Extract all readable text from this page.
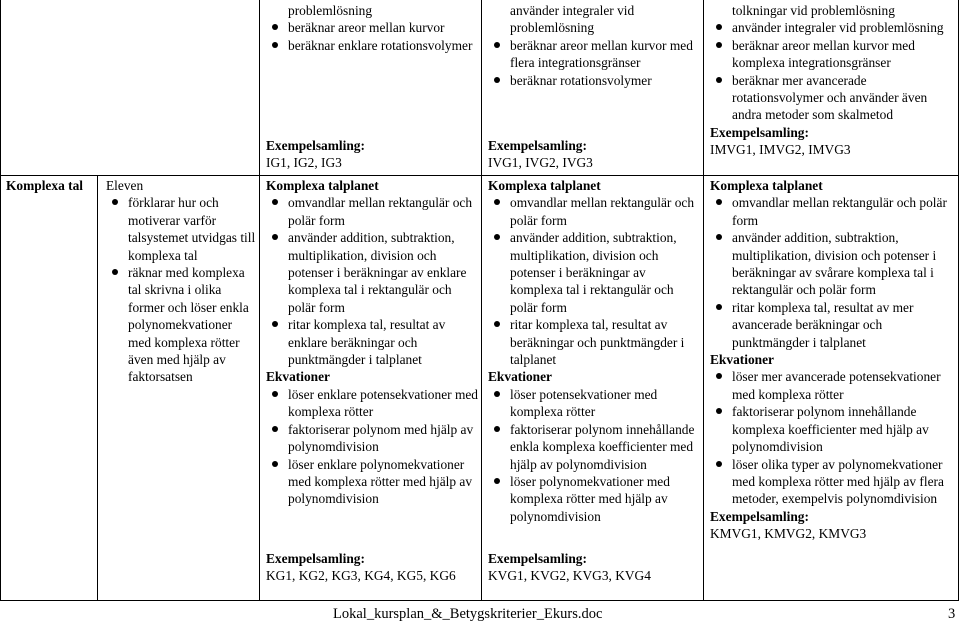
Komplexa tal	Eleven
förklarar hur och motiverar varför talsystemet utvidgas till komplexa tal
räknar med komplexa tal skrivna i olika former och löser enkla polynomekvationer med komplexa rötter även med hjälp av faktorsatsen
problemlösning
beräknar areor mellan kurvor
beräknar enklare rotationsvolymer
Exempelsamling:
IG1, IG2, IG3
Komplexa talplanet
omvandlar mellan rektangulär och polär form
använder addition, subtraktion, multiplikation, division och potenser i beräkningar av enklare komplexa tal i rektangulär och polär form
ritar komplexa tal, resultat av enklare beräkningar och punktmängder i talplanet
Ekvationer
löser enklare potensekvationer med komplexa rötter
faktoriserar polynom med hjälp av polynomdivision
löser enklare polynomekvationer med komplexa rötter med hjälp av polynomdivision
Exempelsamling:
KG1, KG2, KG3, KG4, KG5, KG6
använder integraler vid problemlösning
beräknar areor mellan kurvor med flera integrationsgränser
beräknar rotationsvolymer
Exempelsamling:
IVG1, IVG2, IVG3
Komplexa talplanet
omvandlar mellan rektangulär och polär form
använder addition, subtraktion, multiplikation, division och potenser i beräkningar av komplexa tal i rektangulär och polär form
ritar komplexa tal, resultat av beräkningar och punktmängder i talplanet
Ekvationer
löser potensekvationer med komplexa rötter
faktoriserar polynom innehållande enkla komplexa koefficienter med hjälp av polynomdivision
löser polynomekvationer med komplexa rötter med hjälp av polynomdivision
Exempelsamling:
KVG1, KVG2, KVG3, KVG4
tolkningar vid problemlösning
använder integraler vid problemlösning
beräknar areor mellan kurvor med komplexa integrationsgränser
beräknar mer avancerade rotationsvolymer och använder även andra metoder som skalmetod
Exempelsamling:
IMVG1, IMVG2, IMVG3
Komplexa talplanet
omvandlar mellan rektangulär och polär form
använder addition, subtraktion, multiplikation, division och potenser i beräkningar av svårare komplexa tal i rektangulär och polär form
ritar komplexa tal, resultat av mer avancerade beräkningar och punktmängder i talplanet
Ekvationer
löser mer avancerade potensekvationer med komplexa rötter
faktoriserar polynom innehållande komplexa koefficienter med hjälp av polynomdivision
löser olika typer av polynomekvationer med komplexa rötter med hjälp av flera metoder, exempelvis polynomdivision
Exempelsamling:
KMVG1, KMVG2, KMVG3
Lokal_kursplan_&_Betygskriterier_Ekurs.doc	3
